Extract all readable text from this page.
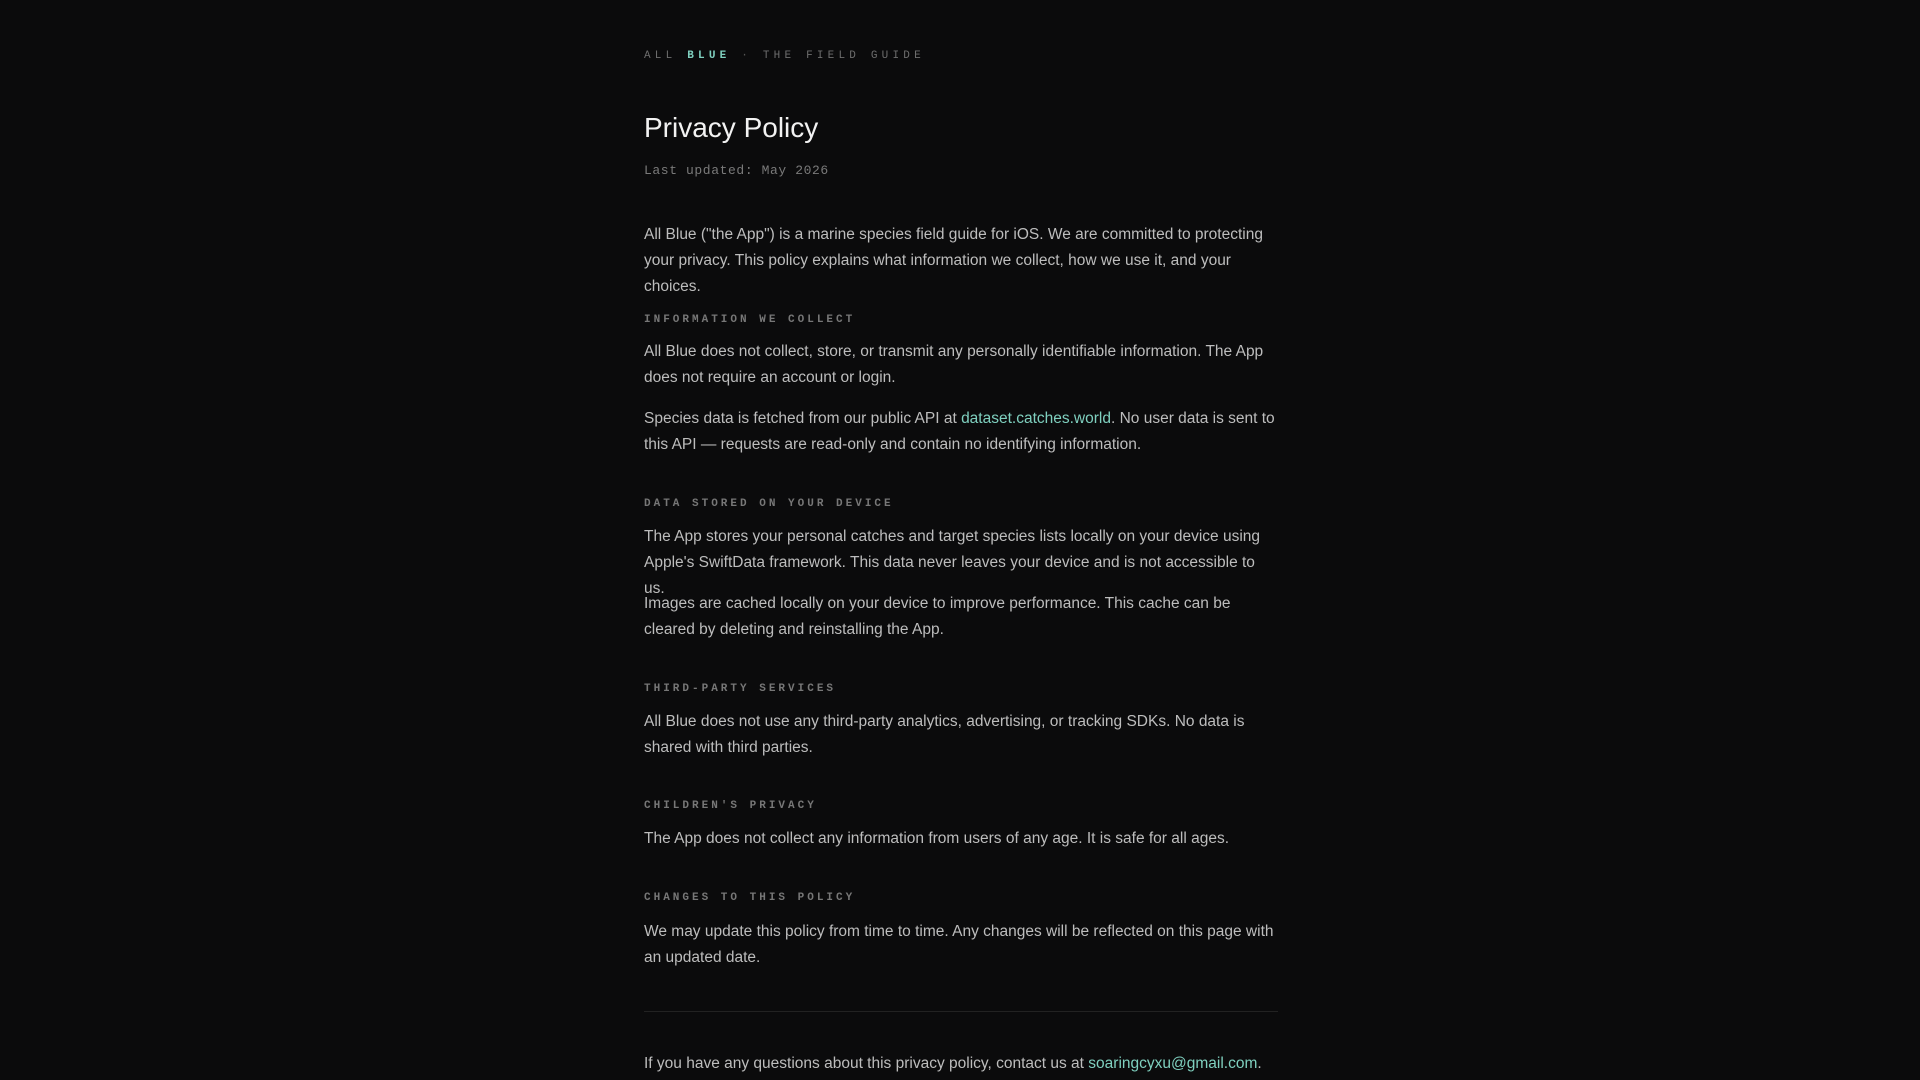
ALL BLUE · THE FIELD GUIDE
Privacy Policy
Last updated: May 2026

All Blue ("the App") is a marine species field guide for iOS. We are committed to protecting your privacy. This policy explains what information we collect, how we use it, and your choices.

INFORMATION WE COLLECT

All Blue does not collect, store, or transmit any personally identifiable information. The App does not require an account or login.

Species data is fetched from our public API at dataset.catches.world. No user data is sent to this API — requests are read-only and contain no identifying information.

DATA STORED ON YOUR DEVICE

The App stores your personal catches and target species lists locally on your device using Apple's SwiftData framework. This data never leaves your device and is not accessible to us.

Images are cached locally on your device to improve performance. This cache can be cleared by deleting and reinstalling the App.

THIRD-PARTY SERVICES

All Blue does not use any third-party analytics, advertising, or tracking SDKs. No data is shared with third parties.

CHILDREN'S PRIVACY

The App does not collect any information from users of any age. It is safe for all ages.

CHANGES TO THIS POLICY

We may update this policy from time to time. Any changes will be reflected on this page with an updated date.

If you have any questions about this privacy policy, contact us at soaringcyxu@gmail.com.
